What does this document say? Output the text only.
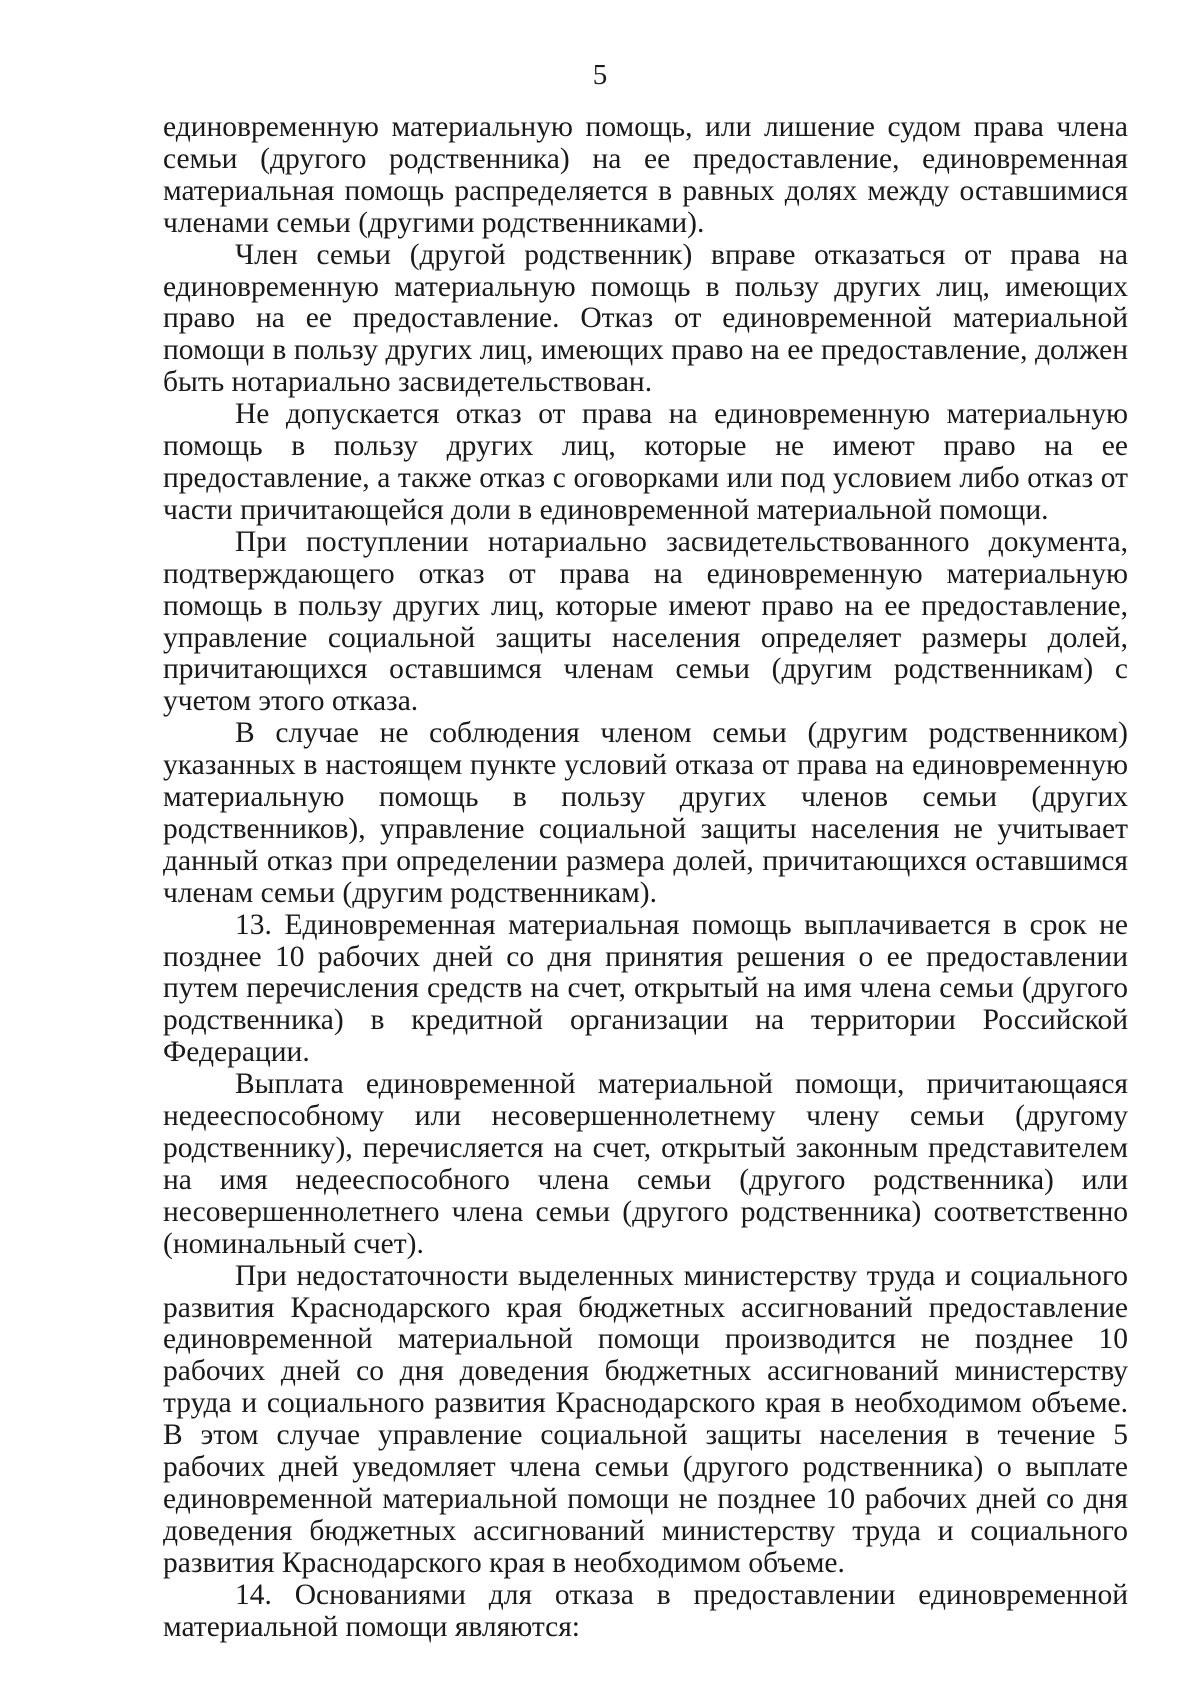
5

единовременную материальную помощь, или лишение судом права члена семьи (другого родственника) на ее предоставление, единовременная материальная помощь распределяется в равных долях между оставшимися членами семьи (другими родственниками).

Член семьи (другой родственник) вправе отказаться от права на единовременную материальную помощь в пользу других лиц, имеющих право на ее предоставление. Отказ от единовременной материальной помощи в пользу других лиц, имеющих право на ее предоставление, должен быть нотариально засвидетельствован.

Не допускается отказ от права на единовременную материальную помощь в пользу других лиц, которые не имеют право на ее предоставление, а также отказ с оговорками или под условием либо отказ от части причитающейся доли в единовременной материальной помощи.

При поступлении нотариально засвидетельствованного документа, подтверждающего отказ от права на единовременную материальную помощь в пользу других лиц, которые имеют право на ее предоставление, управление социальной защиты населения определяет размеры долей, причитающихся оставшимся членам семьи (другим родственникам) с учетом этого отказа.

В случае не соблюдения членом семьи (другим родственником) указанных в настоящем пункте условий отказа от права на единовременную материальную помощь в пользу других членов семьи (других родственников), управление социальной защиты населения не учитывает данный отказ при определении размера долей, причитающихся оставшимся членам семьи (другим родственникам).

13. Единовременная материальная помощь выплачивается в срок не позднее 10 рабочих дней со дня принятия решения о ее предоставлении путем перечисления средств на счет, открытый на имя члена семьи (другого родственника) в кредитной организации на территории Российской Федерации.

Выплата единовременной материальной помощи, причитающаяся недееспособному или несовершеннолетнему члену семьи (другому родственнику), перечисляется на счет, открытый законным представителем на имя недееспособного члена семьи (другого родственника) или несовершеннолетнего члена семьи (другого родственника) соответственно (номинальный счет).

При недостаточности выделенных министерству труда и социального развития Краснодарского края бюджетных ассигнований предоставление единовременной материальной помощи производится не позднее 10 рабочих дней со дня доведения бюджетных ассигнований министерству труда и социального развития Краснодарского края в необходимом объеме. В этом случае управление социальной защиты населения в течение 5 рабочих дней уведомляет члена семьи (другого родственника) о выплате единовременной материальной помощи не позднее 10 рабочих дней со дня доведения бюджетных ассигнований министерству труда и социального развития Краснодарского края в необходимом объеме.

14. Основаниями для отказа в предоставлении единовременной материальной помощи являются:
